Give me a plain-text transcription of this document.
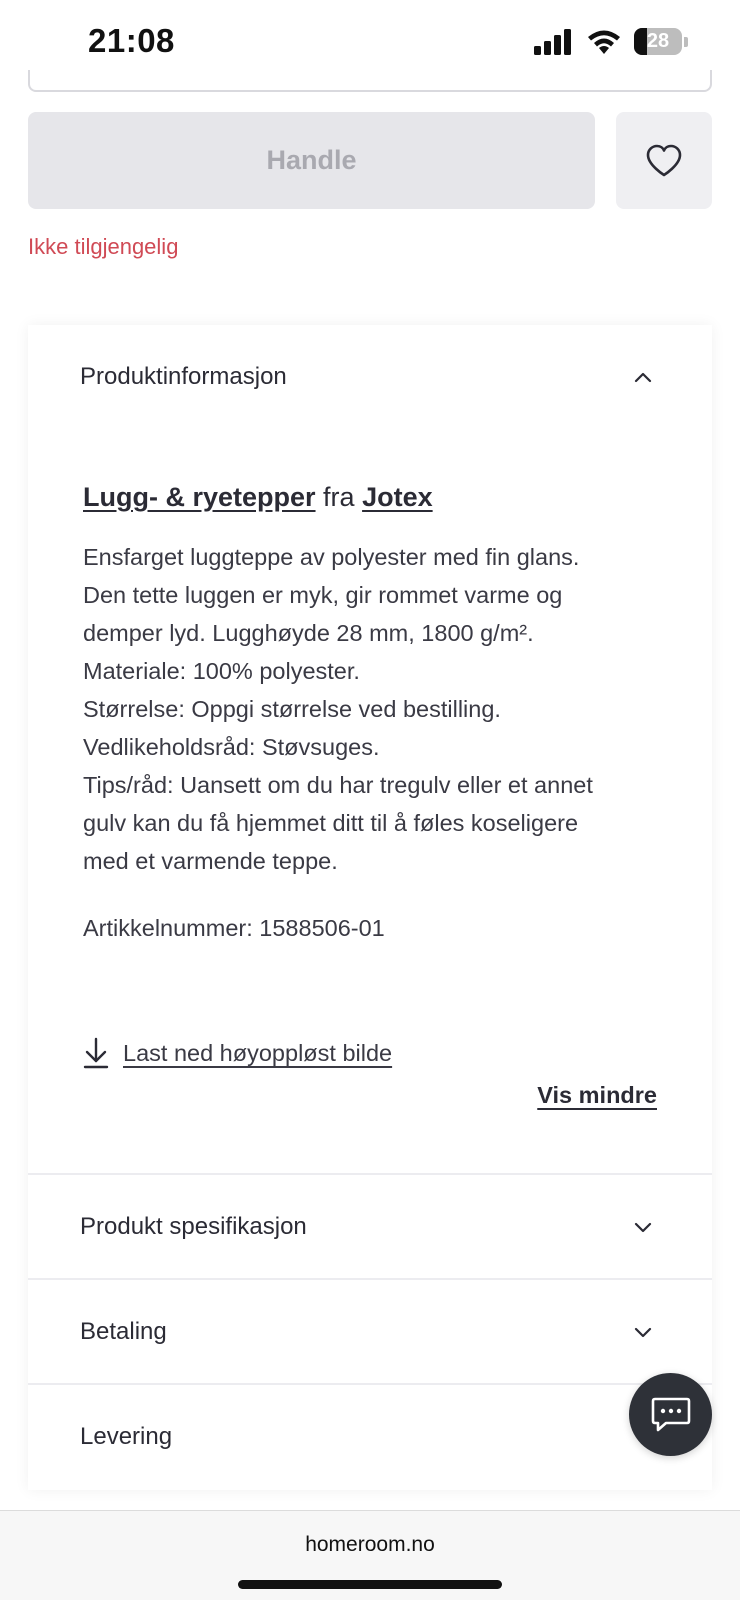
21:08	28
Handle
Ikke tilgjengelig
Produktinformasjon
Lugg- & ryetepper fra Jotex

Ensfarget luggteppe av polyester med fin glans.

Den tette luggen er myk, gir rommet varme og

demper lyd. Lugghøyde 28 mm, 1800 g/m².

Materiale: 100% polyester.

Størrelse: Oppgi størrelse ved bestilling.

Vedlikeholdsråd: Støvsuges.

Tips/råd: Uansett om du har tregulv eller et annet

gulv kan du få hjemmet ditt til å føles koseligere

med et varmende teppe.

Artikkelnummer: 1588506-01
Last ned høyoppløst bilde
Vis mindre
Produkt spesifikasjon
Betaling
Levering
homeroom.no
